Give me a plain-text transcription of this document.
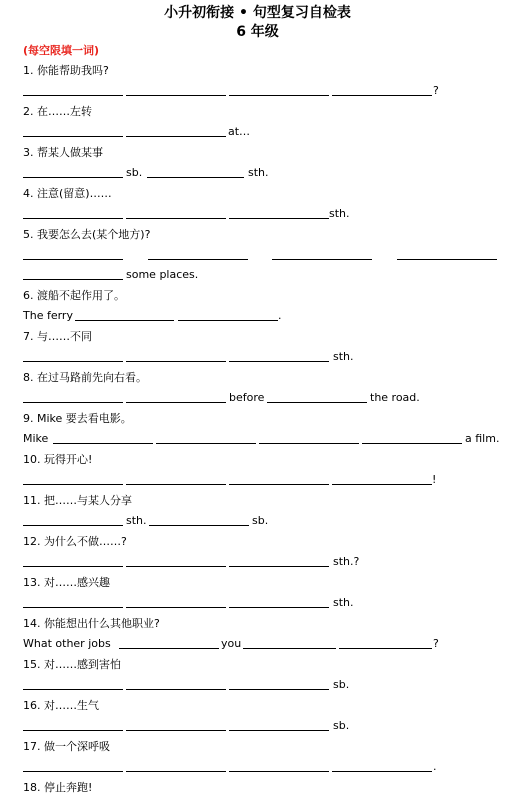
小升初衔接 • 句型复习自检表
6 年级
(每空限填一词)
1. 你能帮助我吗?
?
2. 在……左转
at…
3. 帮某人做某事
sb.	sth.
4. 注意(留意)……
sth.
5. 我要怎么去(某个地方)?
some places.
6. 渡船不起作用了。
The ferry	.
7. 与……不同
sth.
8. 在过马路前先向右看。
before	the road.
9. Mike 要去看电影。
Mike	a film.
10. 玩得开心!
!
11. 把……与某人分享
sth.	sb.
12. 为什么不做……?
sth.?
13. 对……感兴趣
sth.
14. 你能想出什么其他职业?
What other jobs	you	?
15. 对……感到害怕
sb.
16. 对……生气
sb.
17. 做一个深呼吸
.
18. 停止奔跑!
